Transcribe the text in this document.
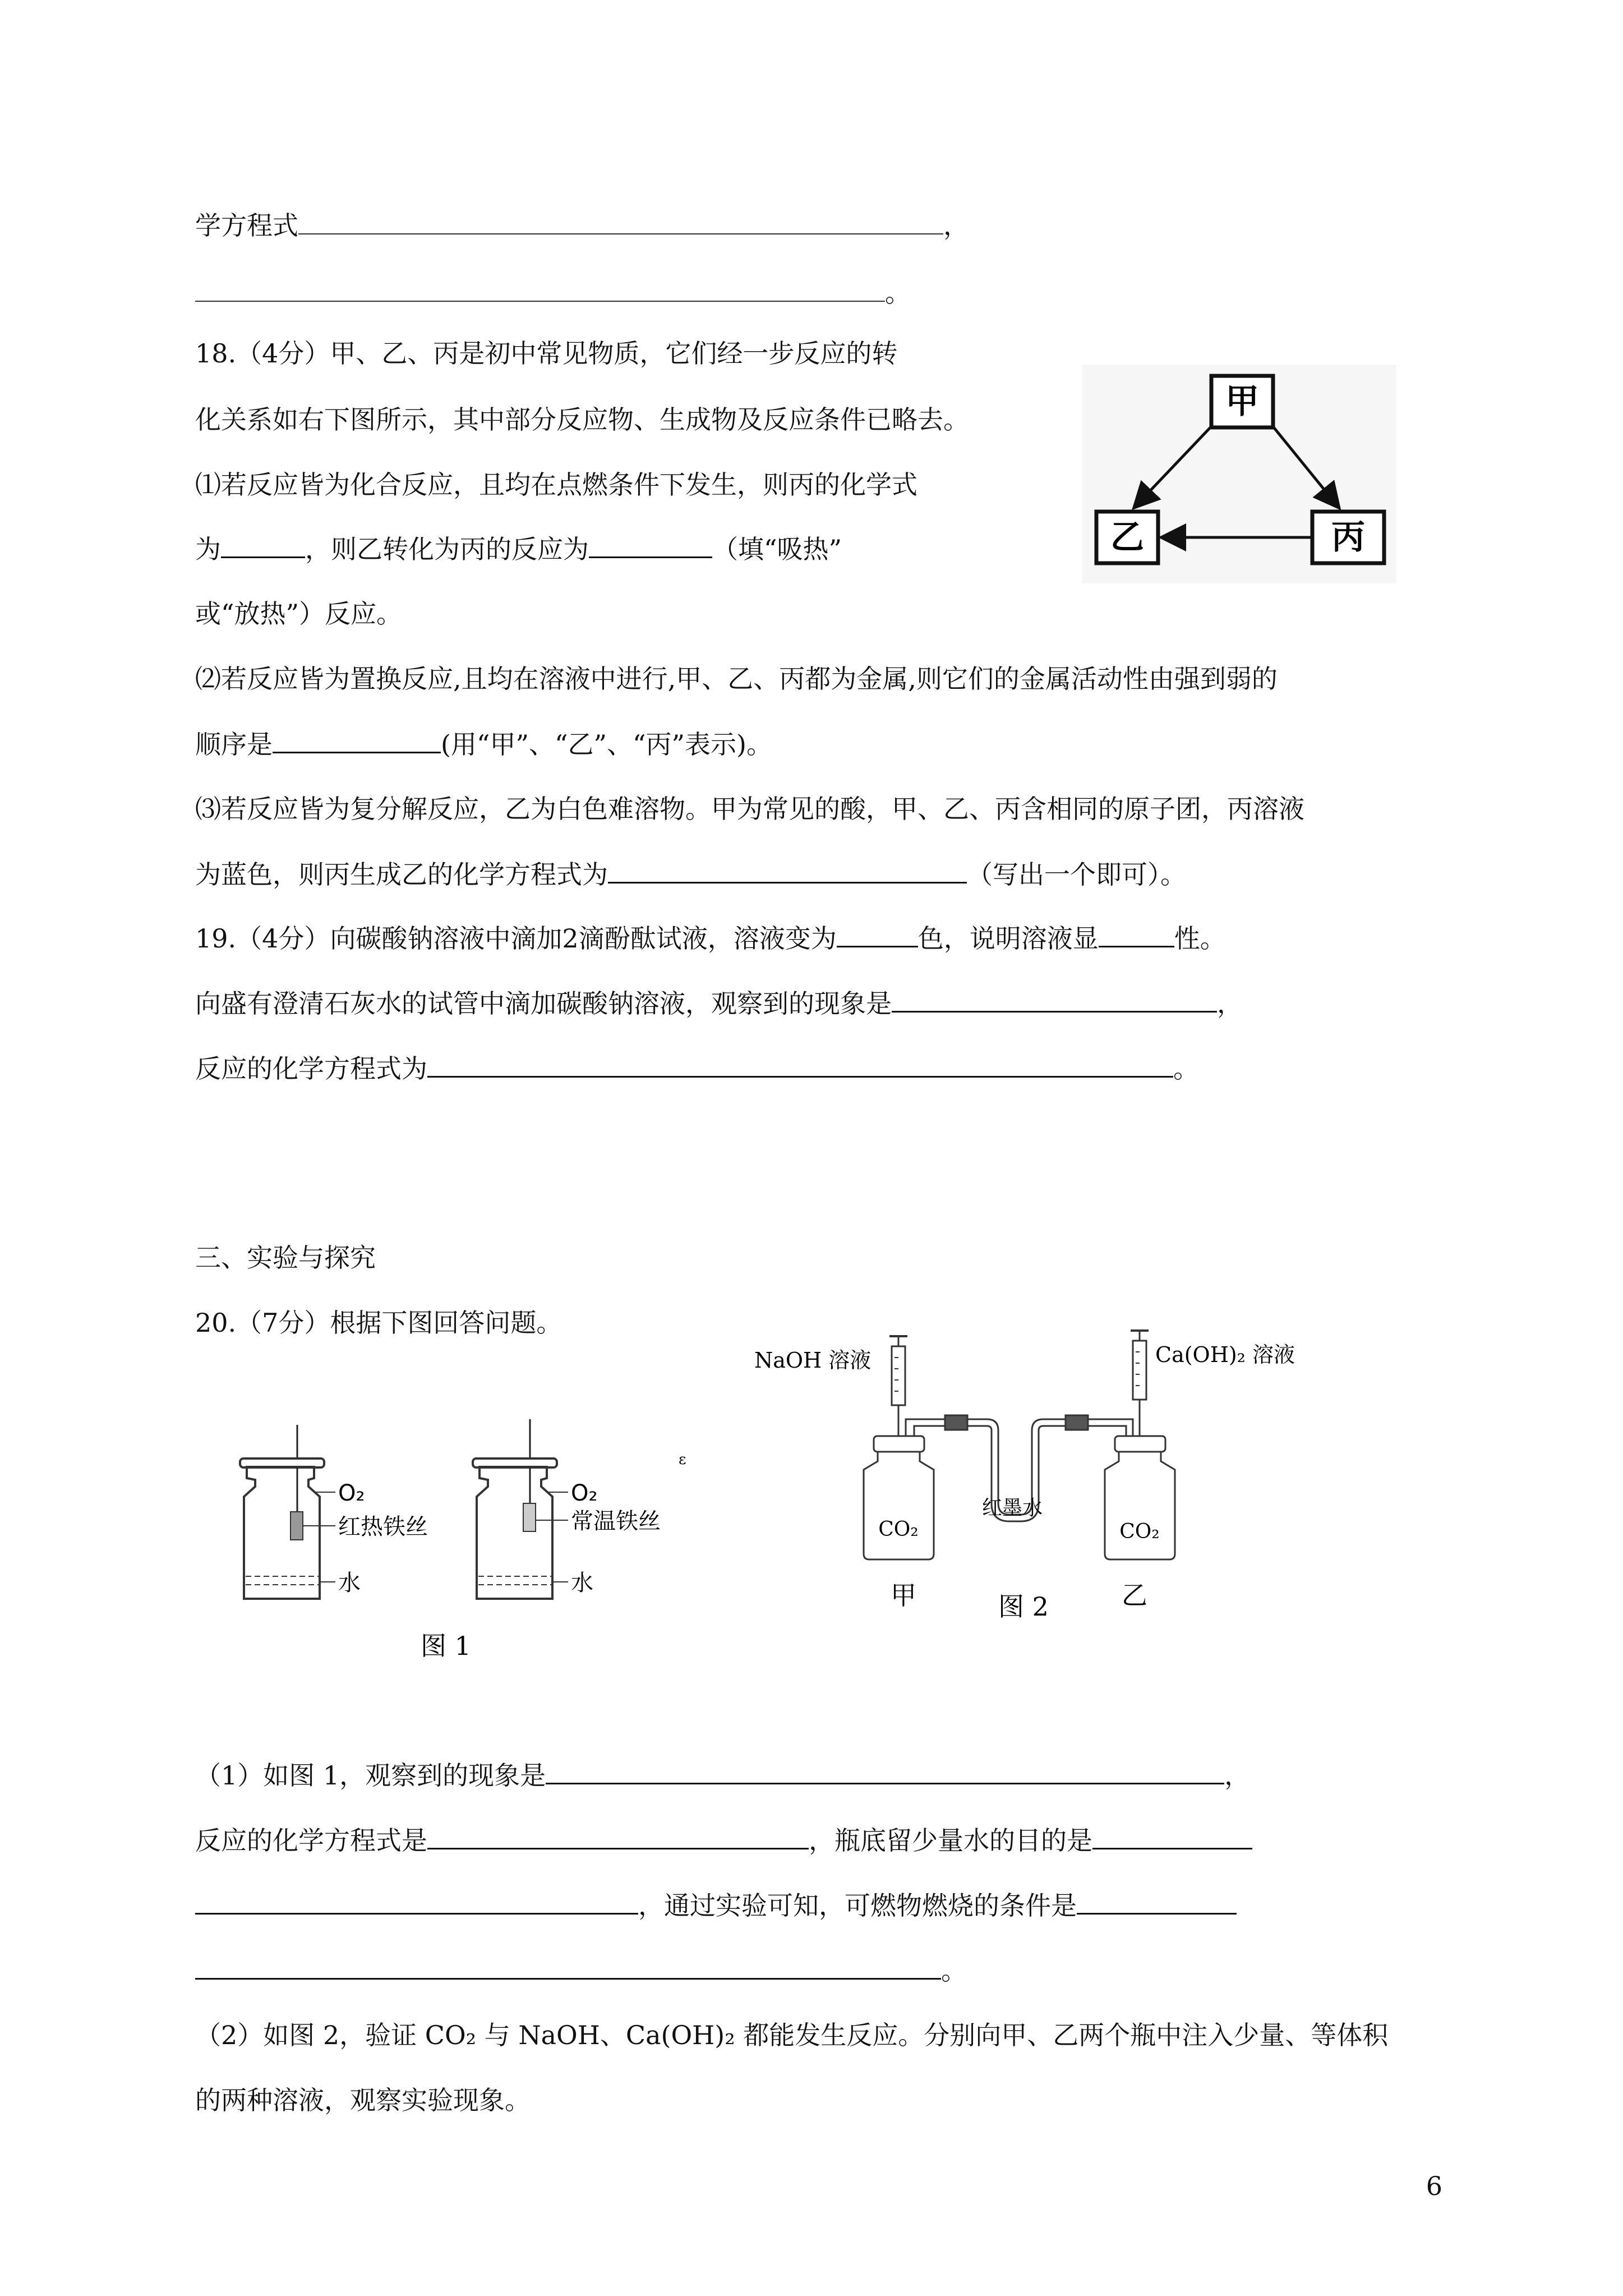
学方程式	，
。
18.（4分）甲、乙、丙是初中常见物质，它们经一步反应的转
化关系如右下图所示，其中部分反应物、生成物及反应条件已略去。
⑴若反应皆为化合反应，且均在点燃条件下发生，则丙的化学式
为	，则乙转化为丙的反应为	（填“吸热”
或“放热”）反应。
⑵若反应皆为置换反应,且均在溶液中进行,甲、乙、丙都为金属,则它们的金属活动性由强到弱的
顺序是	(用“甲”、“乙”、“丙”表示)。
⑶若反应皆为复分解反应，乙为白色难溶物。甲为常见的酸，甲、乙、丙含相同的原子团，丙溶液
为蓝色，则丙生成乙的化学方程式为	（写出一个即可）。
甲
乙	丙
19.（4分）向碳酸钠溶液中滴加2滴酚酞试液，溶液变为	色，说明溶液显	性。
向盛有澄清石灰水的试管中滴加碳酸钠溶液，观察到的现象是	，
反应的化学方程式为	。
三、实验与探究
20.（7分）根据下图回答问题。
O₂
红热铁丝
水
O₂
常温铁丝
水
ε
图 1
NaOH 溶液	Ca(OH)₂ 溶液
CO₂	CO₂
红墨水
甲	乙
图 2
（1）如图 1，观察到的现象是	，
反应的化学方程式是	，瓶底留少量水的目的是
，通过实验可知，可燃物燃烧的条件是
。
（2）如图 2，验证 CO₂ 与 NaOH、Ca(OH)₂ 都能发生反应。分别向甲、乙两个瓶中注入少量、等体积
的两种溶液，观察实验现象。
6
